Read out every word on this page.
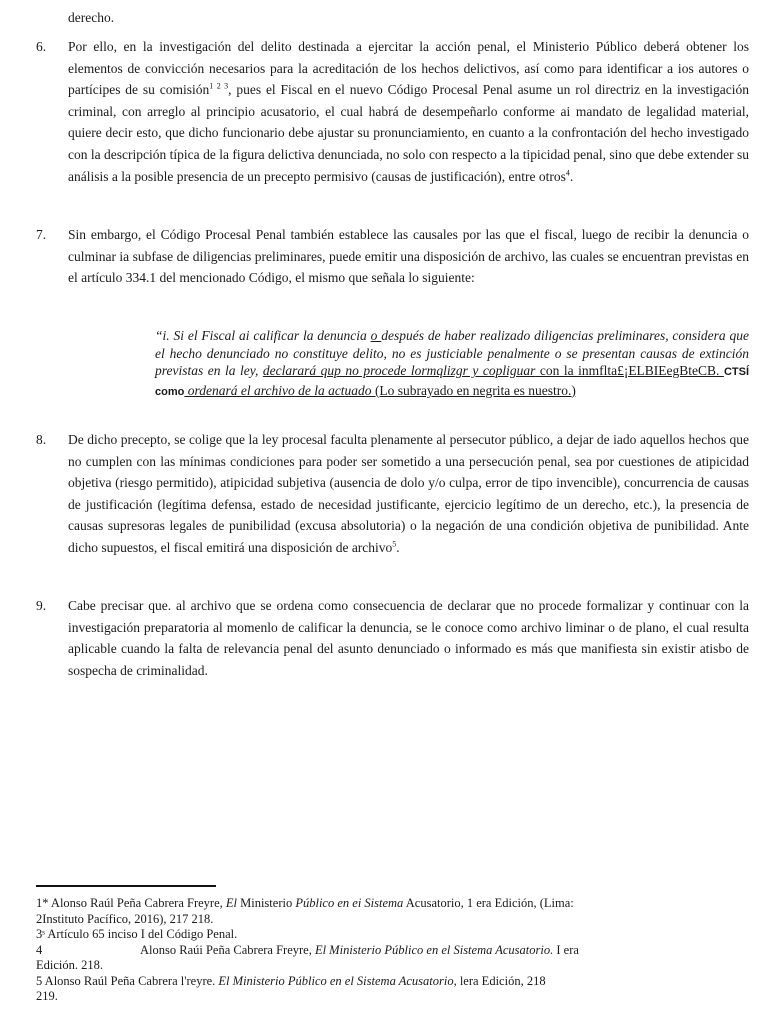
derecho.
6.	Por ello, en la investigación del delito destinada a ejercitar la acción penal, el Ministerio Público deberá obtener los elementos de convicción necesarios para la acreditación de los hechos delictivos, así como para identificar a ios autores o partícipes de su comisión$^{1 2 3}$, pues el Fiscal en el nuevo Código Procesal Penal asume un rol directriz en la investigación criminal, con arreglo al principio acusatorio, el cual habrá de desempeñarlo conforme ai mandato de legalidad material, quiere decir esto, que dicho funcionario debe ajustar su pronunciamiento, en cuanto a la confrontación del hecho investigado con la descripción típica de la figura delictiva denunciada, no solo con respecto a la tipicidad penal, sino que debe extender su análisis a la posible presencia de un precepto permisivo (causas de justificación), entre otros$^4$.
7.	Sin embargo, el Código Procesal Penal también establece las causales por las que el fiscal, luego de recibir la denuncia o culminar ia subfase de diligencias preliminares, puede emitir una disposición de archivo, las cuales se encuentran previstas en el artículo 334.1 del mencionado Código, el mismo que señala lo siguiente:
“i. Si el Fiscal ai calificar la denuncia o después de haber realizado diligencias preliminares, considera que el hecho denunciado no constituye delito, no es justiciable penalmente o se presentan causas de extinción previstas en la ley, declarará qup no procede lormqlizgr y copliguar con la inmflta£¡ELBIEegBteCB. CTSÍ como ordenará el archivo de la actuado (Lo subrayado en negrita es nuestro.)
8.	De dicho precepto, se colige que la ley procesal faculta plenamente al persecutor público, a dejar de iado aquellos hechos que no cumplen con las mínimas condiciones para poder ser sometido a una persecución penal, sea por cuestiones de atipicidad objetiva (riesgo permitido), atipicidad subjetiva (ausencia de dolo y/o culpa, error de tipo invencible), concurrencia de causas de justificación (legítima defensa, estado de necesidad justificante, ejercicio legítimo de un derecho, etc.), la presencia de causas supresoras legales de punibilidad (excusa absolutoria) o la negación de una condición objetiva de punibilidad. Ante dicho supuestos, el fiscal emitirá una disposición de archivo$^5$.
9.	Cabe precisar que. al archivo que se ordena como consecuencia de declarar que no procede formalizar y continuar con la investigación preparatoria al momenlo de calificar la denuncia, se le conoce como archivo liminar o de plano, el cual resulta aplicable cuando la falta de relevancia penal del asunto denunciado o informado es más que manifiesta sin existir atisbo de sospecha de criminalidad.
1* Alonso Raúl Peña Cabrera Freyre, El Ministerio Público en ei Sistema Acusatorio, 1 era Edición, (Lima:
2Instituto Pacífico, 2016), 217 218.
3ˢ Artículo 65 inciso I del Código Penal.
4	Alonso Raúi Peña Cabrera Freyre, El Ministerio Público en el Sistema Acusatorio. I era
Edición. 218.
5 Alonso Raúl Peña Cabrera l'reyre. El Ministerio Público en el Sistema Acusatorio, lera Edición, 218
219.
